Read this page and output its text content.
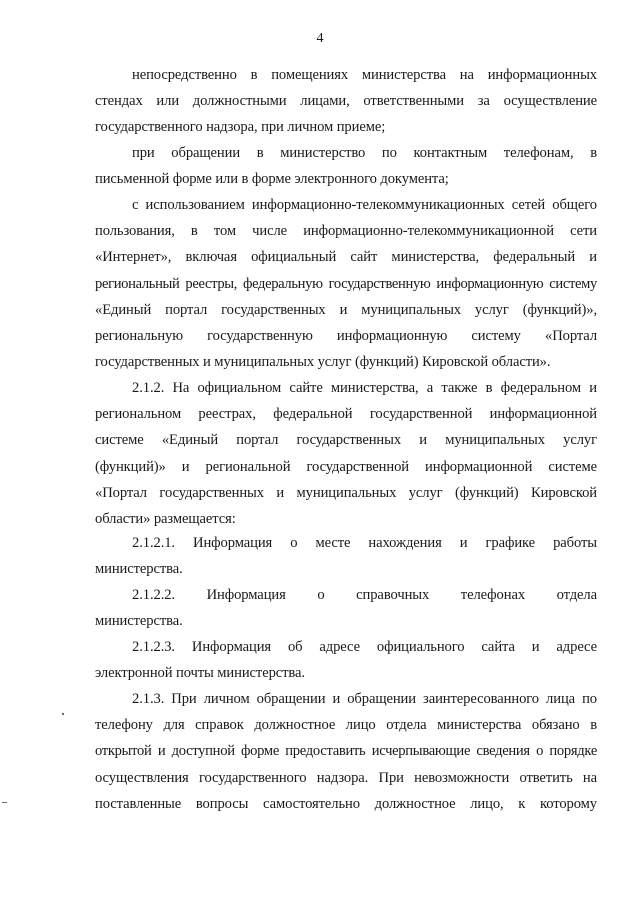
4
непосредственно в помещениях министерства на информационных
стендах или должностными лицами, ответственными за осуществление
государственного надзора, при личном приеме;
при обращении в министерство по контактным телефонам, в
письменной форме или в форме электронного документа;
с использованием информационно-телекоммуникационных сетей общего
пользования, в том числе информационно-телекоммуникационной сети
«Интернет», включая официальный сайт министерства, федеральный и
региональный реестры, федеральную государственную информационную систему
«Единый портал государственных и муниципальных услуг (функций)»,
региональную государственную информационную систему «Портал
государственных и муниципальных услуг (функций) Кировской области».
2.1.2. На официальном сайте министерства, а также в федеральном и
региональном реестрах, федеральной государственной информационной
системе «Единый портал государственных и муниципальных услуг
(функций)» и региональной государственной информационной системе
«Портал государственных и муниципальных услуг (функций) Кировской
области» размещается:
2.1.2.1. Информация о месте нахождения и графике работы
министерства.
2.1.2.2. Информация о справочных телефонах отдела
министерства.
2.1.2.3. Информация об адресе официального сайта и адресе
электронной почты министерства.
2.1.3. При личном обращении и обращении заинтересованного лица по
телефону для справок должностное лицо отдела министерства обязано в
открытой и доступной форме предоставить исчерпывающие сведения о порядке
осуществления государственного надзора. При невозможности ответить на
поставленные вопросы самостоятельно должностное лицо, к которому
